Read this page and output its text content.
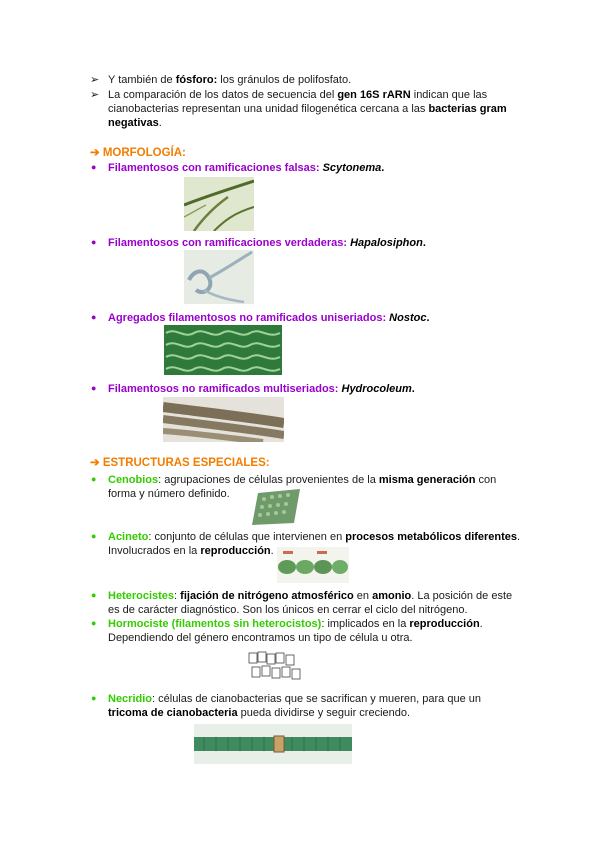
➢ Y también de fósforo: los gránulos de polifosfato.
➢ La comparación de los datos de secuencia del gen 16S rARN indican que las
cianobacterias representan una unidad filogenética cercana a las bacterias gram
negativas.
➔ MORFOLOGÍA:
● Filamentosos con ramificaciones falsas: Scytonema.
● Filamentosos con ramificaciones verdaderas: Hapalosiphon.
● Agregados filamentosos no ramificados uniseriados: Nostoc.
● Filamentosos no ramificados multiseriados: Hydrocoleum.
➔ ESTRUCTURAS ESPECIALES:
● Cenobios: agrupaciones de células provenientes de la misma generación con
forma y número definido.
● Acineto: conjunto de células que intervienen en procesos metabólicos diferentes.
Involucrados en la reproducción.
● Heterocistes: fijación de nitrógeno atmosférico en amonio. La posición de este
es de carácter diagnóstico. Son los únicos en cerrar el ciclo del nitrógeno.
● Hormociste (filamentos sin heterocistos): implicados en la reproducción.
Dependiendo del género encontramos un tipo de célula u otra.
● Necridio: células de cianobacterias que se sacrifican y mueren, para que un
tricoma de cianobacteria pueda dividirse y seguir creciendo.
